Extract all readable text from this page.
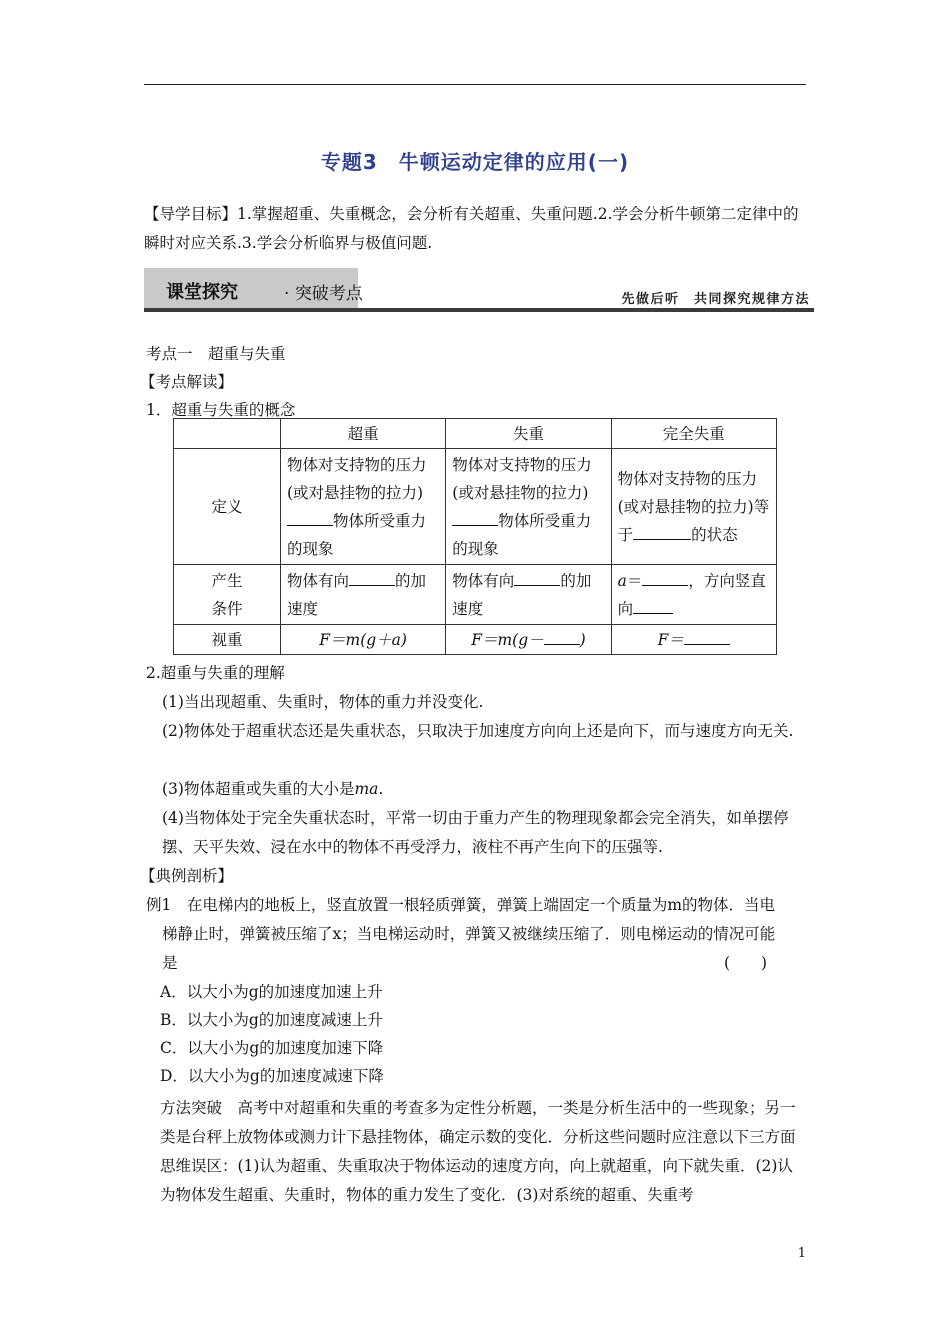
专题3　牛顿运动定律的应用(一)
【导学目标】1.掌握超重、失重概念，会分析有关超重、失重问题.2.学会分析牛顿第二定律中的瞬时对应关系.3.学会分析临界与极值问题.
课堂探究	· 突破考点	先做后听　共同探究规律方法
考点一　超重与失重
【考点解读】
1．超重与失重的概念
	超重	失重	完全失重
定义	物体对支持物的压力(或对悬挂物的拉力)物体所受重力的现象	物体对支持物的压力(或对悬挂物的拉力)物体所受重力的现象	物体对支持物的压力(或对悬挂物的拉力)等于 的状态
产生
条件	物体有向 的加速度	物体有向 的加速度	a＝ ，方向竖直向
视重	F＝m(g＋a)	F＝m(g－ )	F＝
2.超重与失重的理解
(1)当出现超重、失重时，物体的重力并没变化.
(2)物体处于超重状态还是失重状态，只取决于加速度方向向上还是向下，而与速度方向无关.
(3)物体超重或失重的大小是ma.
(4)当物体处于完全失重状态时，平常一切由于重力产生的物理现象都会完全消失，如单摆停摆、天平失效、浸在水中的物体不再受浮力，液柱不再产生向下的压强等.
【典例剖析】
例1　在电梯内的地板上，竖直放置一根轻质弹簧，弹簧上端固定一个质量为m的物体．当电
梯静止时，弹簧被压缩了x；当电梯运动时，弹簧又被继续压缩了．则电梯运动的情况可能
是	(　　)
A．以大小为g的加速度加速上升
B．以大小为g的加速度减速上升
C．以大小为g的加速度加速下降
D．以大小为g的加速度减速下降
方法突破　高考中对超重和失重的考查多为定性分析题，一类是分析生活中的一些现象；另一类是台秤上放物体或测力计下悬挂物体，确定示数的变化．分析这些问题时应注意以下三方面思维误区：(1)认为超重、失重取决于物体运动的速度方向，向上就超重，向下就失重．(2)认为物体发生超重、失重时，物体的重力发生了变化．(3)对系统的超重、失重考
1
